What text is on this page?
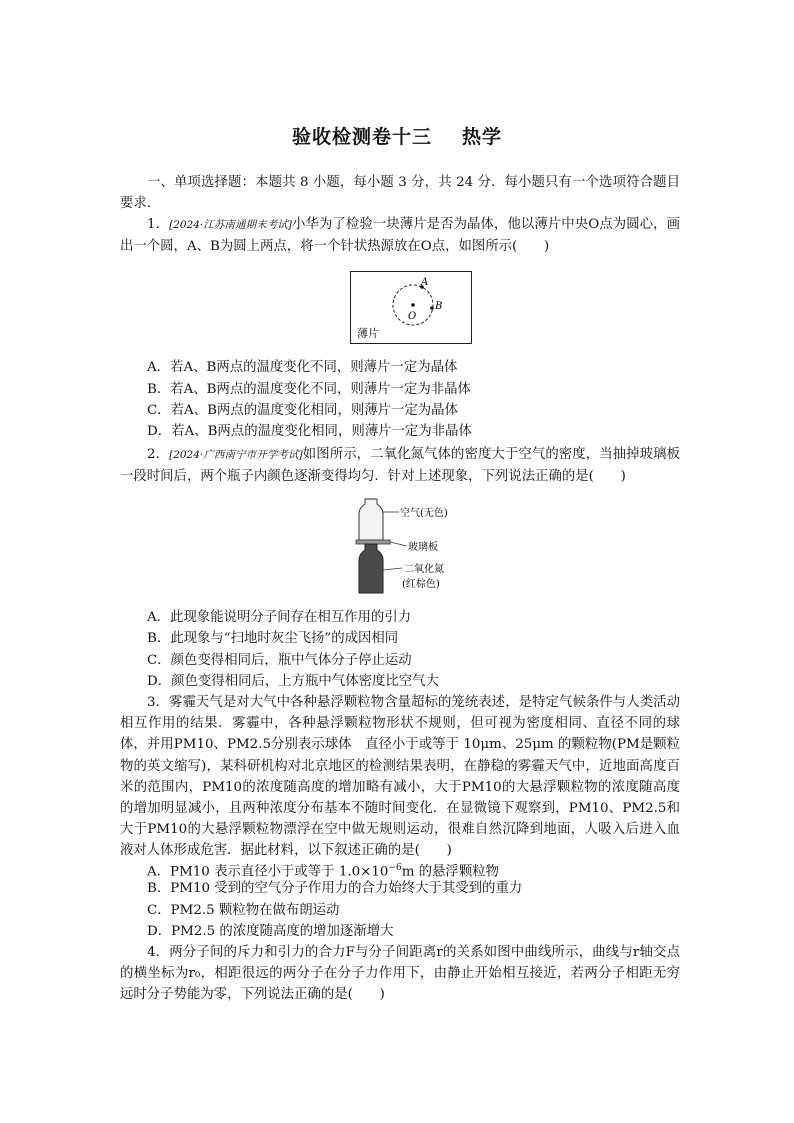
验收检测卷十三 热学
一、单项选择题：本题共 8 小题，每小题 3 分，共 24 分．每小题只有一个选项符合题目要求．
1．[2024·江苏南通期末考试]小华为了检验一块薄片是否为晶体，他以薄片中央O点为圆心，画出一个圆，A、B为圆上两点，将一个针状热源放在O点，如图所示(　　)
A
B
O
薄片
A．若A、B两点的温度变化不同，则薄片一定为晶体
B．若A、B两点的温度变化不同，则薄片一定为非晶体
C．若A、B两点的温度变化相同，则薄片一定为晶体
D．若A、B两点的温度变化相同，则薄片一定为非晶体
2．[2024·广西南宁市开学考试]如图所示，二氧化氮气体的密度大于空气的密度，当抽掉玻璃板一段时间后，两个瓶子内颜色逐渐变得均匀．针对上述现象，下列说法正确的是(　　)
空气(无色)
玻璃板
二氧化氮
(红棕色)
A．此现象能说明分子间存在相互作用的引力
B．此现象与“扫地时灰尘飞扬”的成因相同
C．颜色变得相同后，瓶中气体分子停止运动
D．颜色变得相同后，上方瓶中气体密度比空气大
3．雾霾天气是对大气中各种悬浮颗粒物含量超标的笼统表述，是特定气候条件与人类活动相互作用的结果．雾霾中，各种悬浮颗粒物形状不规则，但可视为密度相同、直径不同的球体，并用PM10、PM2.5分别表示球体　直径小于或等于 10μm、25μm 的颗粒物(PM是颗粒物的英文缩写)，某科研机构对北京地区的检测结果表明，在静稳的雾霾天气中，近地面高度百米的范围内，PM10的浓度随高度的增加略有减小，大于PM10的大悬浮颗粒物的浓度随高度的增加明显减小，且两种浓度分布基本不随时间变化．在显微镜下观察到，PM10、PM2.5和大于PM10的大悬浮颗粒物漂浮在空中做无规则运动，很难自然沉降到地面，人吸入后进入血液对人体形成危害．据此材料，以下叙述正确的是(　　)
A．PM10 表示直径小于或等于 $1.0\times 10^{-6}m$ 的悬浮颗粒物
B．PM10 受到的空气分子作用力的合力始终大于其受到的重力
C．PM2.5 颗粒物在做布朗运动
D．PM2.5 的浓度随高度的增加逐渐增大
4．两分子间的斥力和引力的合力F与分子间距离r的关系如图中曲线所示，曲线与r轴交点的横坐标为r₀，相距很远的两分子在分子力作用下，由静止开始相互接近，若两分子相距无穷远时分子势能为零，下列说法正确的是(　　)
